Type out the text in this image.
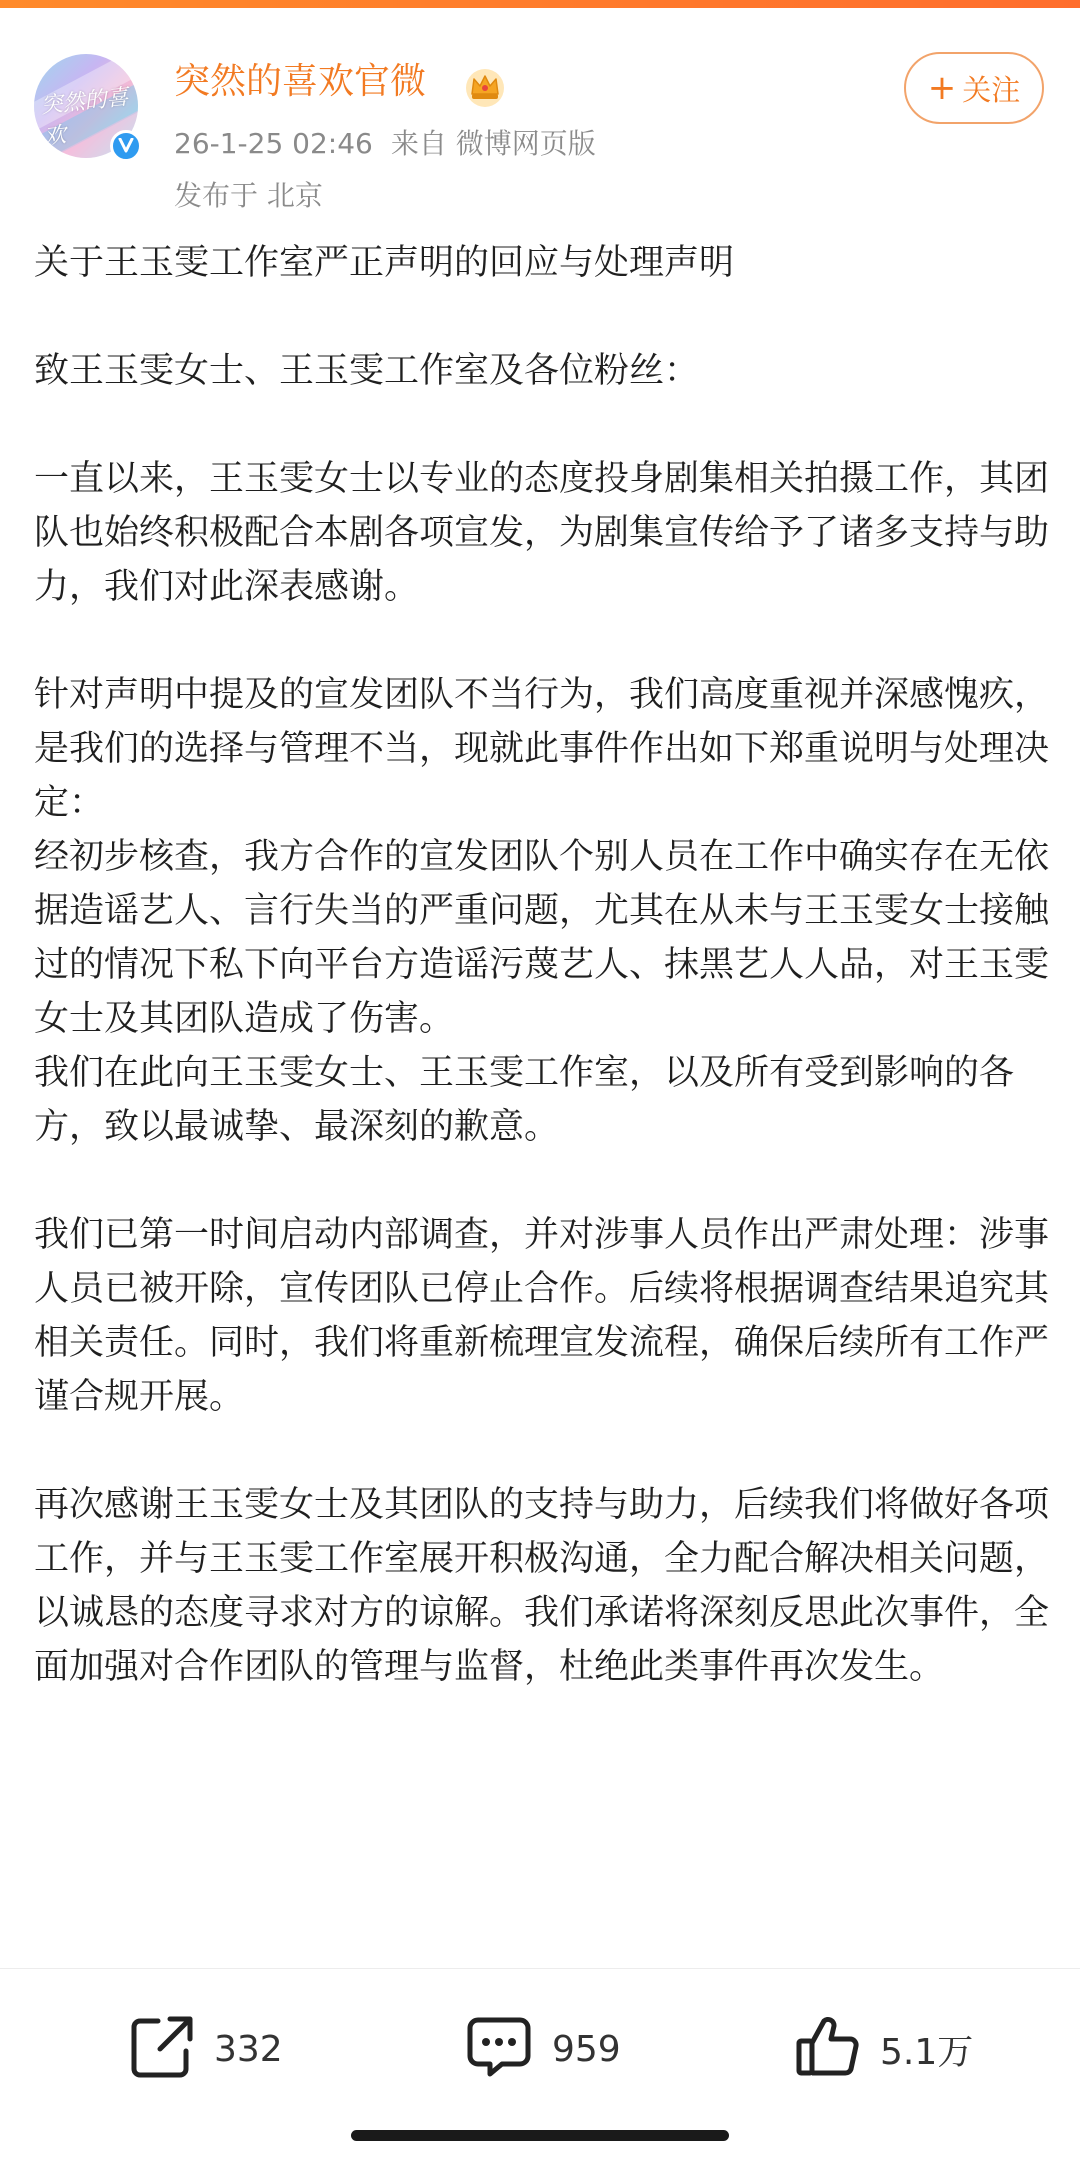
突然的喜欢
突然的喜欢官微
26-1-25 02:46 来自 微博网页版
发布于 北京
+ 关注

关于王玉雯工作室严正声明的回应与处理声明

致王玉雯女士、王玉雯工作室及各位粉丝：

一直以来，王玉雯女士以专业的态度投身剧集相关拍摄工作，其团队也始终积极配合本剧各项宣发，为剧集宣传给予了诸多支持与助力，我们对此深表感谢。

针对声明中提及的宣发团队不当行为，我们高度重视并深感愧疚，是我们的选择与管理不当，现就此事件作出如下郑重说明与处理决定：

经初步核查，我方合作的宣发团队个别人员在工作中确实存在无依据造谣艺人、言行失当的严重问题，尤其在从未与王玉雯女士接触过的情况下私下向平台方造谣污蔑艺人、抹黑艺人人品，对王玉雯女士及其团队造成了伤害。

我们在此向王玉雯女士、王玉雯工作室，以及所有受到影响的各方，致以最诚挚、最深刻的歉意。

我们已第一时间启动内部调查，并对涉事人员作出严肃处理：涉事人员已被开除，宣传团队已停止合作。后续将根据调查结果追究其相关责任。同时，我们将重新梳理宣发流程，确保后续所有工作严谨合规开展。

再次感谢王玉雯女士及其团队的支持与助力，后续我们将做好各项工作，并与王玉雯工作室展开积极沟通，全力配合解决相关问题，以诚恳的态度寻求对方的谅解。我们承诺将深刻反思此次事件，全面加强对合作团队的管理与监督，杜绝此类事件再次发生。

332	959	5.1万
